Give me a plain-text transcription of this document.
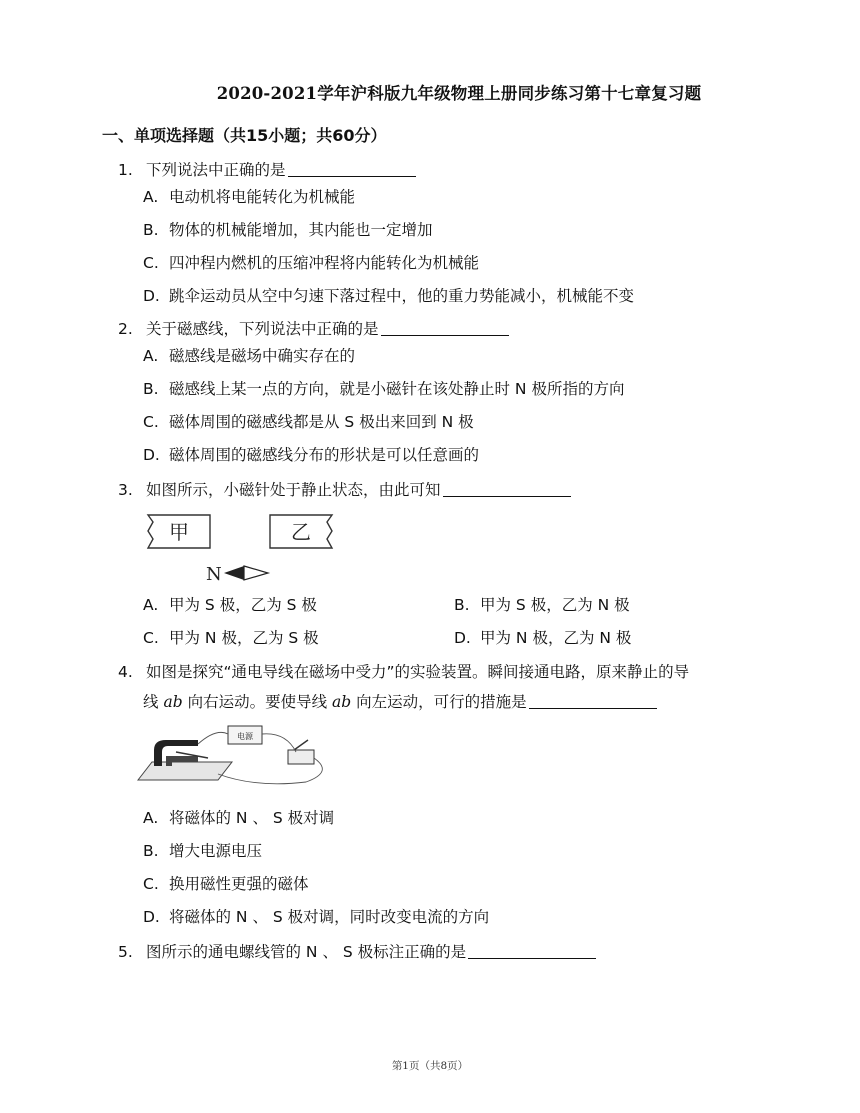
2020-2021学年沪科版九年级物理上册同步练习第十七章复习题
一、单项选择题（共15小题；共60分）
1. 下列说法中正确的是
A. 电动机将电能转化为机械能
B. 物体的机械能增加，其内能也一定增加
C. 四冲程内燃机的压缩冲程将内能转化为机械能
D. 跳伞运动员从空中匀速下落过程中，他的重力势能减小，机械能不变
2. 关于磁感线，下列说法中正确的是
A. 磁感线是磁场中确实存在的
B. 磁感线上某一点的方向，就是小磁针在该处静止时 N 极所指的方向
C. 磁体周围的磁感线都是从 S 极出来回到 N 极
D. 磁体周围的磁感线分布的形状是可以任意画的
3. 如图所示，小磁针处于静止状态，由此可知
甲	乙
N
A. 甲为 S 极，乙为 S 极	B. 甲为 S 极，乙为 N 极
C. 甲为 N 极，乙为 S 极	D. 甲为 N 极，乙为 N 极
4. 如图是探究“通电导线在磁场中受力”的实验装置。瞬间接通电路，原来静止的导
线 ab 向右运动。要使导线 ab 向左运动，可行的措施是
电源
A. 将磁体的 N 、 S 极对调
B. 增大电源电压
C. 换用磁性更强的磁体
D. 将磁体的 N 、 S 极对调，同时改变电流的方向
5. 图所示的通电螺线管的 N 、 S 极标注正确的是
第1页（共8页）
